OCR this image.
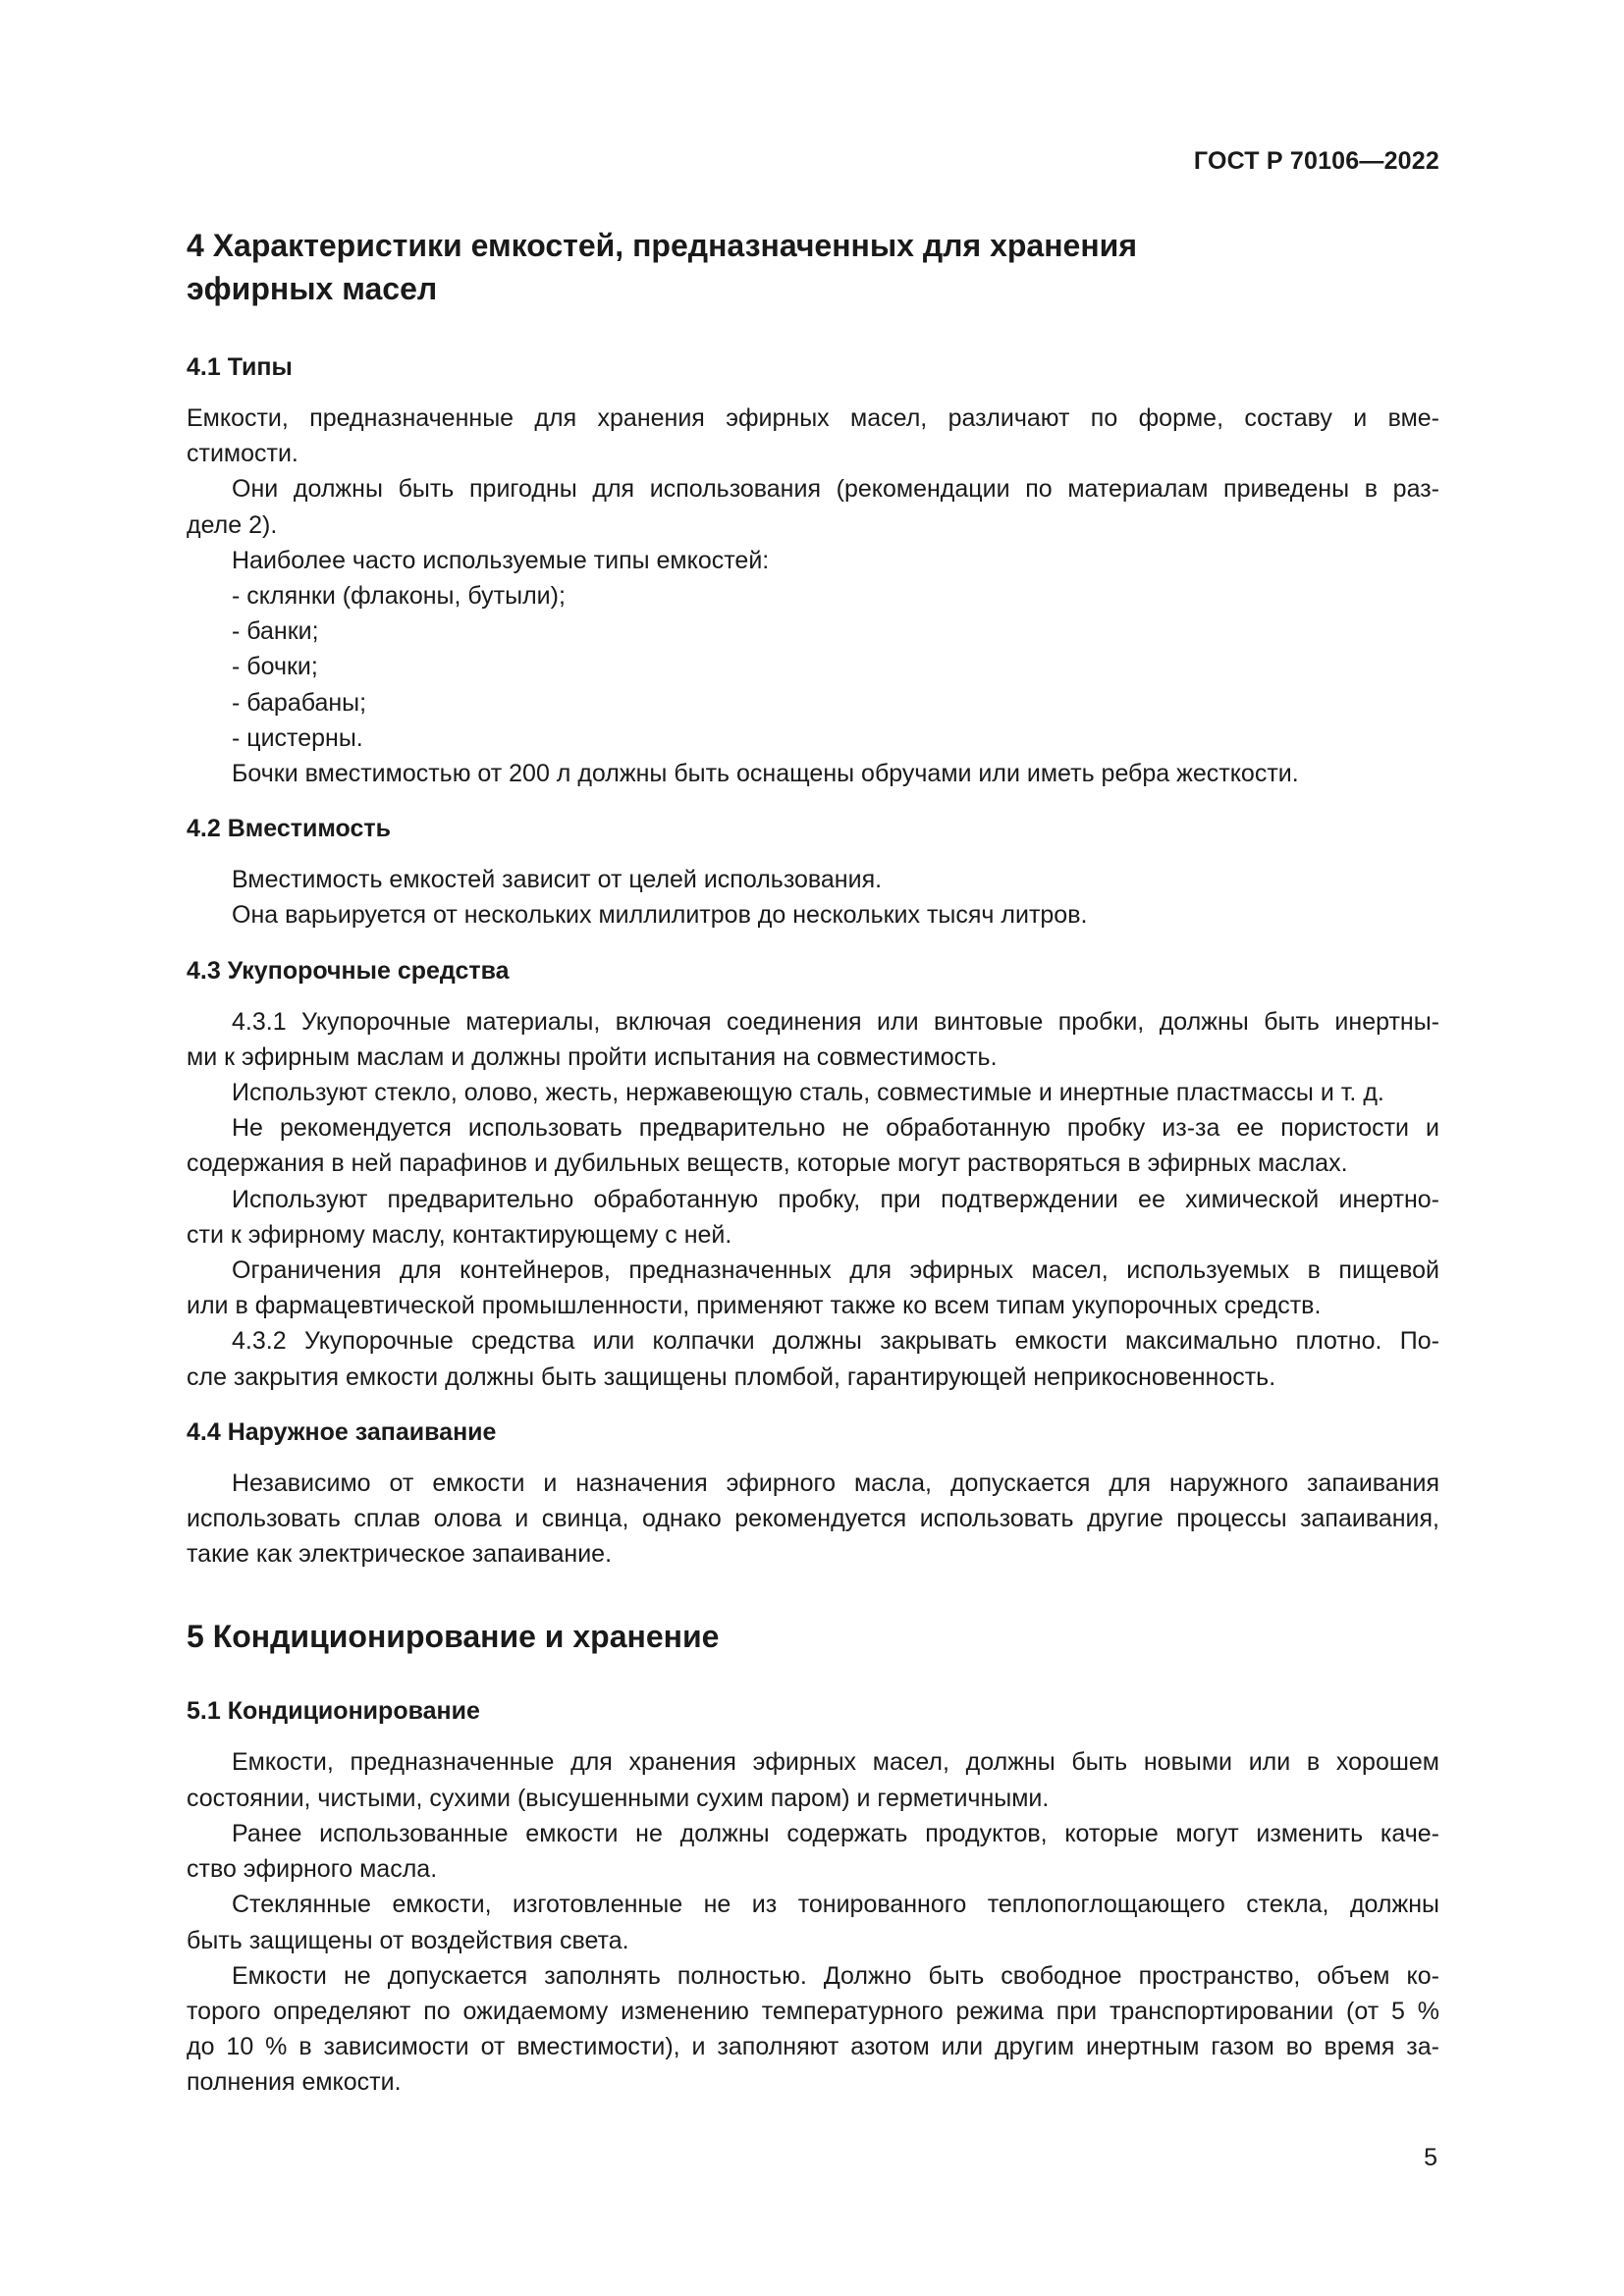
ГОСТ Р 70106—2022
4 Характеристики емкостей, предназначенных для хранения
эфирных масел
4.1 Типы
Емкости, предназначенные для хранения эфирных масел, различают по форме, составу и вме-
стимости.
Они должны быть пригодны для использования (рекомендации по материалам приведены в раз-
деле 2).
Наиболее часто используемые типы емкостей:
- склянки (флаконы, бутыли);
- банки;
- бочки;
- барабаны;
- цистерны.
Бочки вместимостью от 200 л должны быть оснащены обручами или иметь ребра жесткости.
4.2 Вместимость
Вместимость емкостей зависит от целей использования.
Она варьируется от нескольких миллилитров до нескольких тысяч литров.
4.3 Укупорочные средства
4.3.1 Укупорочные материалы, включая соединения или винтовые пробки, должны быть инертны-
ми к эфирным маслам и должны пройти испытания на совместимость.
Используют стекло, олово, жесть, нержавеющую сталь, совместимые и инертные пластмассы и т. д.
Не рекомендуется использовать предварительно не обработанную пробку из-за ее пористости и
содержания в ней парафинов и дубильных веществ, которые могут растворяться в эфирных маслах.
Используют предварительно обработанную пробку, при подтверждении ее химической инертно-
сти к эфирному маслу, контактирующему с ней.
Ограничения для контейнеров, предназначенных для эфирных масел, используемых в пищевой
или в фармацевтической промышленности, применяют также ко всем типам укупорочных средств.
4.3.2 Укупорочные средства или колпачки должны закрывать емкости максимально плотно. По-
сле закрытия емкости должны быть защищены пломбой, гарантирующей неприкосновенность.
4.4 Наружное запаивание
Независимо от емкости и назначения эфирного масла, допускается для наружного запаивания
использовать сплав олова и свинца, однако рекомендуется использовать другие процессы запаивания,
такие как электрическое запаивание.
5 Кондиционирование и хранение
5.1 Кондиционирование
Емкости, предназначенные для хранения эфирных масел, должны быть новыми или в хорошем
состоянии, чистыми, сухими (высушенными сухим паром) и герметичными.
Ранее использованные емкости не должны содержать продуктов, которые могут изменить каче-
ство эфирного масла.
Стеклянные емкости, изготовленные не из тонированного теплопоглощающего стекла, должны
быть защищены от воздействия света.
Емкости не допускается заполнять полностью. Должно быть свободное пространство, объем ко-
торого определяют по ожидаемому изменению температурного режима при транспортировании (от 5 %
до 10 % в зависимости от вместимости), и заполняют азотом или другим инертным газом во время за-
полнения емкости.
5
